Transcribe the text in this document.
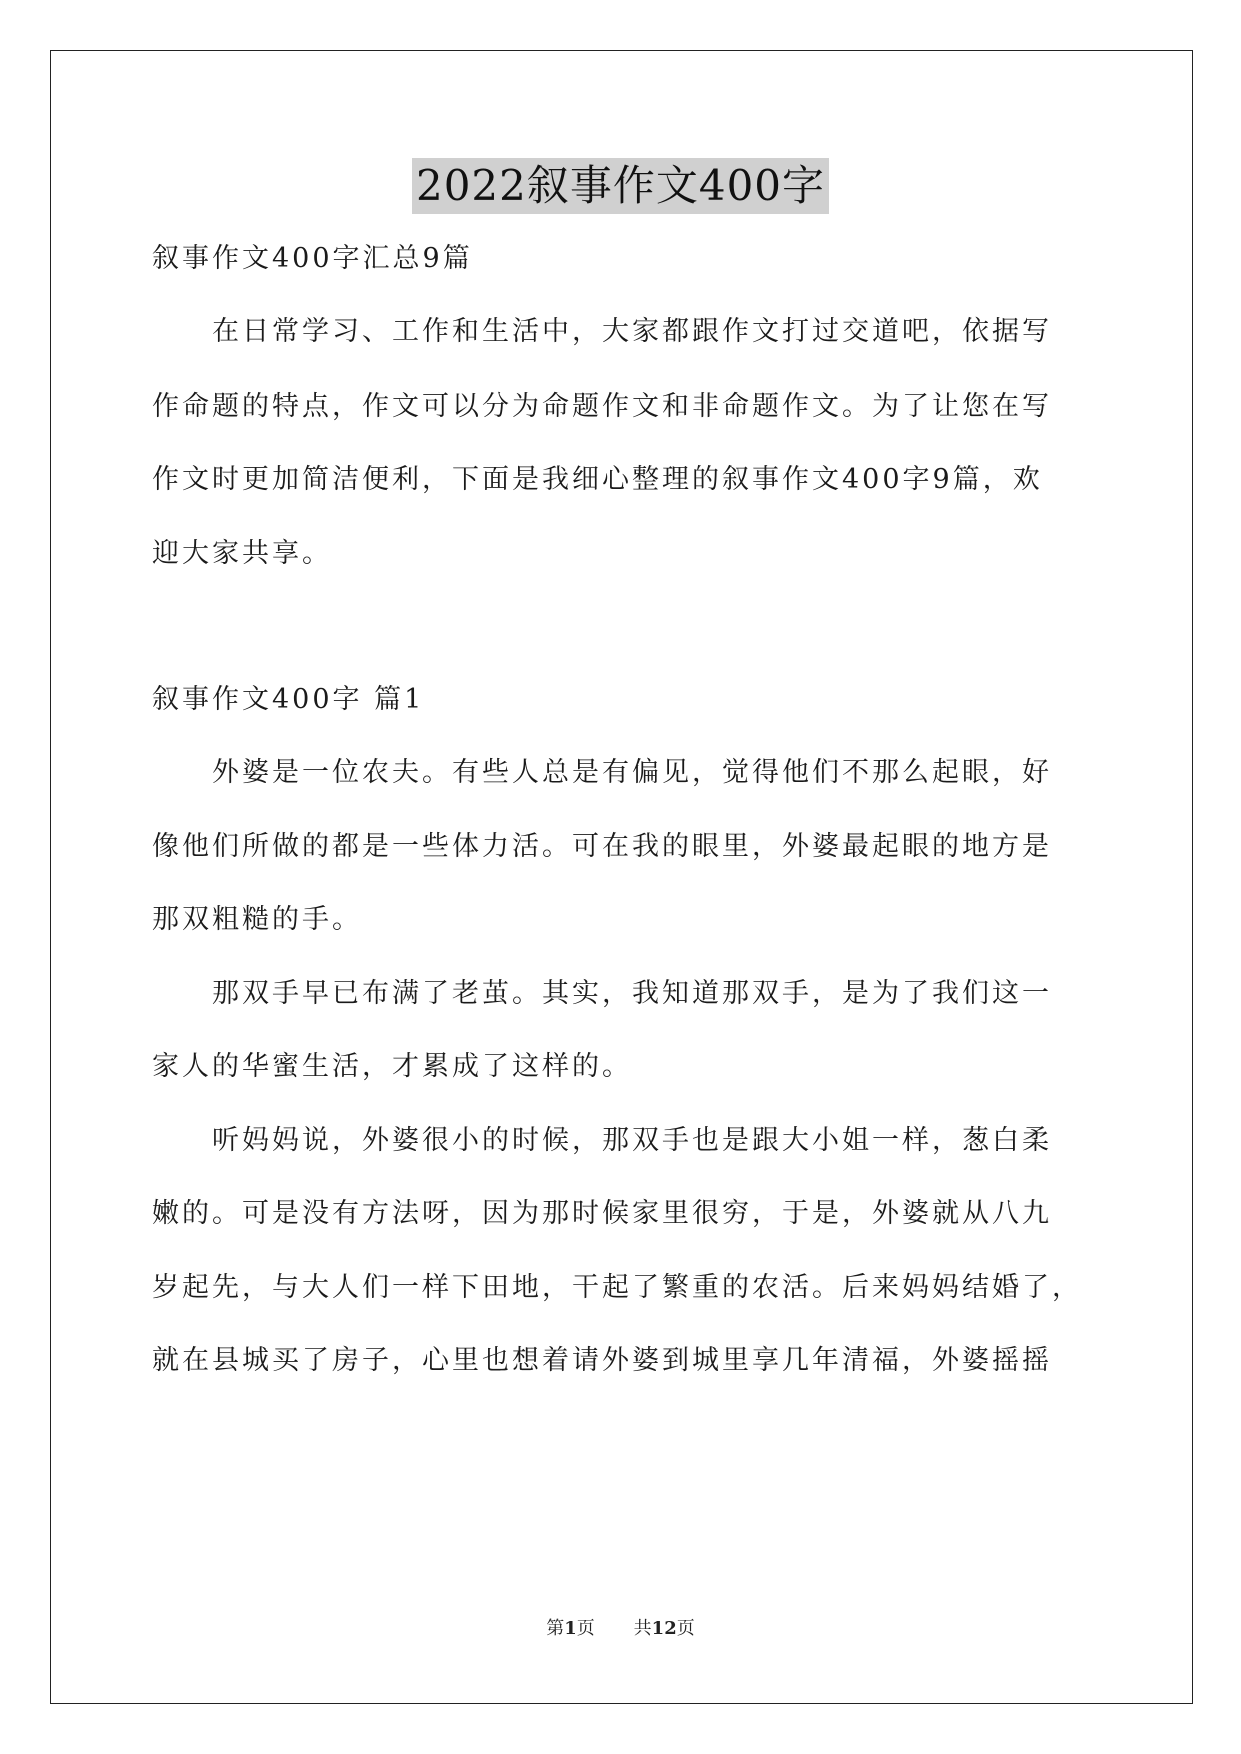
2022叙事作文400字
叙事作文400字汇总9篇
　　在日常学习、工作和生活中，大家都跟作文打过交道吧，依据写
作命题的特点，作文可以分为命题作文和非命题作文。为了让您在写
作文时更加简洁便利，下面是我细心整理的叙事作文400字9篇，欢
迎大家共享。
叙事作文400字 篇1
　　外婆是一位农夫。有些人总是有偏见，觉得他们不那么起眼，好
像他们所做的都是一些体力活。可在我的眼里，外婆最起眼的地方是
那双粗糙的手。
　　那双手早已布满了老茧。其实，我知道那双手，是为了我们这一
家人的华蜜生活，才累成了这样的。
　　听妈妈说，外婆很小的时候，那双手也是跟大小姐一样，葱白柔
嫩的。可是没有方法呀，因为那时候家里很穷，于是，外婆就从八九
岁起先，与大人们一样下田地，干起了繁重的农活。后来妈妈结婚了，
就在县城买了房子，心里也想着请外婆到城里享几年清福，外婆摇摇
第1页 共12页
